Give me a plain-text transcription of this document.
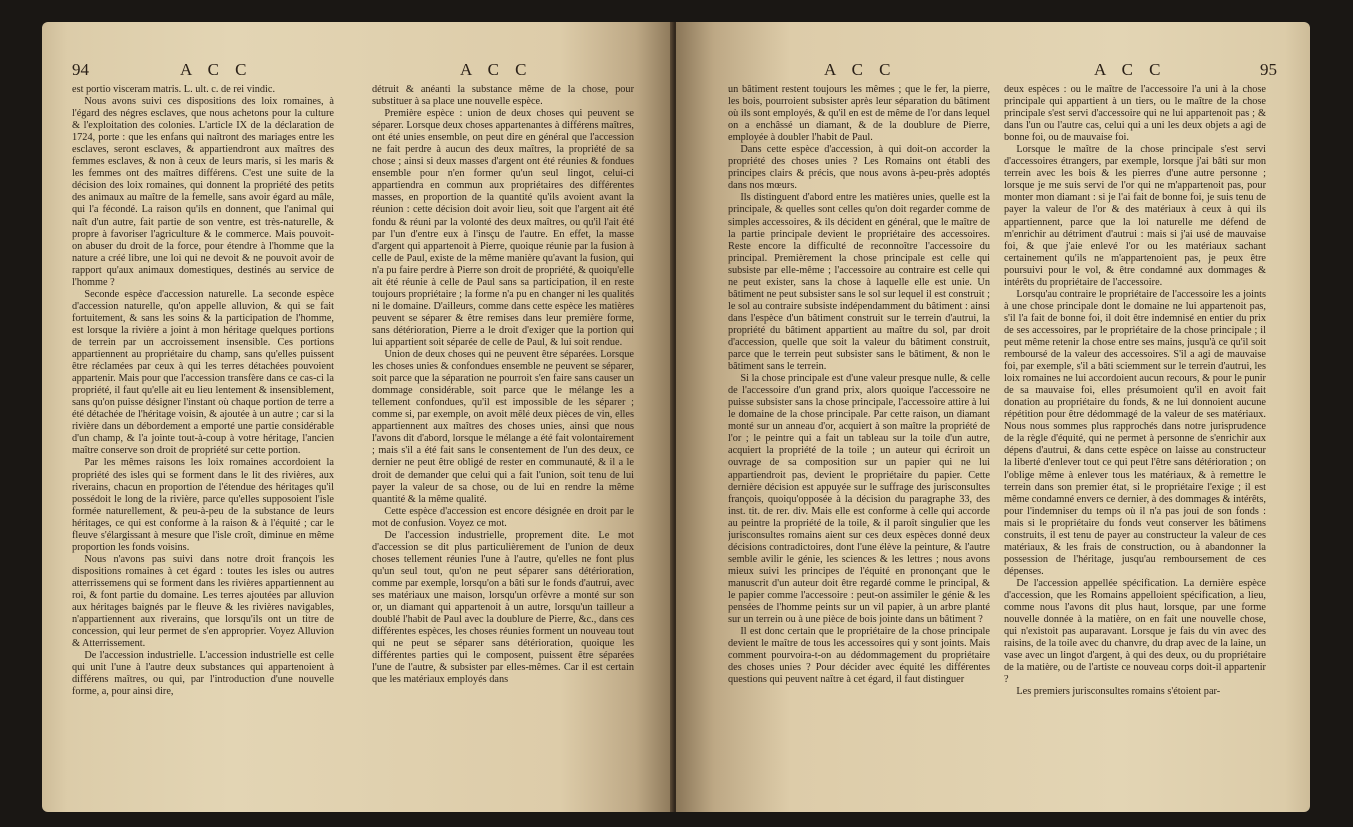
94	A C C	A C C

est portio visceram matris. L. ult. c. de rei vindic.

Nous avons suivi ces dispositions des loix romaines, à l'égard des négres esclaves, que nous achetons pour la culture & l'exploitation des colonies. L'article IX de la déclaration de 1724, porte : que les enfans qui naîtront des mariages entre les esclaves, seront esclaves, & appartiendront aux maîtres des femmes esclaves, & non à ceux de leurs maris, si les maris & les femmes ont des maîtres différens. C'est une suite de la décision des loix romaines, qui donnent la propriété des petits des animaux au maître de la femelle, sans avoir égard au mâle, qui l'a fécondé. La raison qu'ils en donnent, que l'animal qui naît d'un autre, fait partie de son ventre, est très-naturelle, & propre à favoriser l'agriculture & le commerce. Mais pouvoit-on abuser du droit de la force, pour étendre à l'homme que la nature a créé libre, une loi qui ne devoit & ne pouvoit avoir de rapport qu'aux animaux domestiques, destinés au service de l'homme ?

Seconde espèce d'accession naturelle. La seconde espèce d'accession naturelle, qu'on appelle alluvion, & qui se fait fortuitement, & sans les soins & la participation de l'homme, est lorsque la rivière a joint à mon héritage quelques portions de terrein par un accroissement insensible. Ces portions appartiennent au propriétaire du champ, sans qu'elles puissent être réclamées par ceux à qui les terres détachées pouvoient appartenir. Mais pour que l'accession transfère dans ce cas-ci la propriété, il faut qu'elle ait eu lieu lentement & insensiblement, sans qu'on puisse désigner l'instant où chaque portion de terre a été détachée de l'héritage voisin, & ajoutée à un autre ; car si la rivière dans un débordement a emporté une partie considérable d'un champ, & l'a jointe tout-à-coup à votre héritage, l'ancien maître conserve son droit de propriété sur cette portion.

Par les mêmes raisons les loix romaines accordoient la propriété des isles qui se forment dans le lit des rivières, aux riverains, chacun en proportion de l'étendue des héritages qu'il possédoit le long de la rivière, parce qu'elles supposoient l'isle formée naturellement, & peu-à-peu de la substance de leurs héritages, ce qui est conforme à la raison & à l'équité ; car le fleuve s'élargissant à mesure que l'isle croît, diminue en même proportion les fonds voisins.

Nous n'avons pas suivi dans notre droit françois les dispositions romaines à cet égard : toutes les isles ou autres atterrissemens qui se forment dans les rivières appartiennent au roi, & font partie du domaine. Les terres ajoutées par alluvion aux héritages baignés par le fleuve & les rivières navigables, n'appartiennent aux riverains, que lorsqu'ils ont un titre de concession, qui leur permet de s'en approprier. Voyez Alluvion & Atterrissement.

De l'accession industrielle. L'accession industrielle est celle qui unit l'une à l'autre deux substances qui appartenoient à différens maîtres, ou qui, par l'introduction d'une nouvelle forme, a, pour ainsi dire,

détruit & anéanti la substance même de la chose, pour substituer à sa place une nouvelle espèce.

Première espèce : union de deux choses qui peuvent se séparer. Lorsque deux choses appartenantes à différens maîtres, ont été unies ensemble, on peut dire en général que l'accession ne fait perdre à aucun des deux maîtres, la propriété de sa chose ; ainsi si deux masses d'argent ont été réunies & fondues ensemble pour n'en former qu'un seul lingot, celui-ci appartiendra en commun aux propriétaires des différentes masses, en proportion de la quantité qu'ils avoient avant la réunion : cette décision doit avoir lieu, soit que l'argent ait été fondu & réuni par la volonté des deux maîtres, ou qu'il l'ait été par l'un d'entre eux à l'insçu de l'autre. En effet, la masse d'argent qui appartenoit à Pierre, quoique réunie par la fusion à celle de Paul, existe de la même manière qu'avant la fusion, qui n'a pu faire perdre à Pierre son droit de propriété, & quoiqu'elle ait été réunie à celle de Paul sans sa participation, il en reste toujours propriétaire ; la forme n'a pu en changer ni les qualités ni le domaine. D'ailleurs, comme dans cette espèce les matières peuvent se séparer & être remises dans leur première forme, sans détérioration, Pierre a le droit d'exiger que la portion qui lui appartient soit séparée de celle de Paul, & lui soit rendue.

Union de deux choses qui ne peuvent être séparées. Lorsque les choses unies & confondues ensemble ne peuvent se séparer, soit parce que la séparation ne pourroit s'en faire sans causer un dommage considérable, soit parce que le mélange les a tellement confondues, qu'il est impossible de les séparer ; comme si, par exemple, on avoit mêlé deux pièces de vin, elles appartiennent aux maîtres des choses unies, ainsi que nous l'avons dit d'abord, lorsque le mélange a été fait volontairement ; mais s'il a été fait sans le consentement de l'un des deux, ce dernier ne peut être obligé de rester en communauté, & il a le droit de demander que celui qui a fait l'union, soit tenu de lui payer la valeur de sa chose, ou de lui en rendre la même quantité & la même qualité.

Cette espèce d'accession est encore désignée en droit par le mot de confusion. Voyez ce mot.

De l'accession industrielle, proprement dite. Le mot d'accession se dit plus particulièrement de l'union de deux choses tellement réunies l'une à l'autre, qu'elles ne font plus qu'un seul tout, qu'on ne peut séparer sans détérioration, comme par exemple, lorsqu'on a bâti sur le fonds d'autrui, avec ses matériaux une maison, lorsqu'un orfèvre a monté sur son or, un diamant qui appartenoit à un autre, lorsqu'un tailleur a doublé l'habit de Paul avec la doublure de Pierre, &c., dans ces différentes espèces, les choses réunies forment un nouveau tout qui ne peut se séparer sans détérioration, quoique les différentes parties qui le composent, puissent être séparées l'une de l'autre, & subsister par elles-mêmes. Car il est certain que les matériaux employés dans

A C C	A C C	95

un bâtiment restent toujours les mêmes ; que le fer, la pierre, les bois, pourroient subsister après leur séparation du bâtiment où ils sont employés, & qu'il en est de même de l'or dans lequel on a enchâssé un diamant, & de la doublure de Pierre, employée à doubler l'habit de Paul.

Dans cette espèce d'accession, à qui doit-on accorder la propriété des choses unies ? Les Romains ont établi des principes clairs & précis, que nous avons à-peu-près adoptés dans nos mœurs.

Ils distinguent d'abord entre les matières unies, quelle est la principale, & quelles sont celles qu'on doit regarder comme de simples accessoires, & ils décident en général, que le maître de la partie principale devient le propriétaire des accessoires. Reste encore la difficulté de reconnoître l'accessoire du principal. Premièrement la chose principale est celle qui subsiste par elle-même ; l'accessoire au contraire est celle qui ne peut exister, sans la chose à laquelle elle est unie. Un bâtiment ne peut subsister sans le sol sur lequel il est construit ; le sol au contraire subsiste indépendamment du bâtiment : ainsi dans l'espèce d'un bâtiment construit sur le terrein d'autrui, la propriété du bâtiment appartient au maître du sol, par droit d'accession, quelle que soit la valeur du bâtiment construit, parce que le terrein peut subsister sans le bâtiment, & non le bâtiment sans le terrein.

Si la chose principale est d'une valeur presque nulle, & celle de l'accessoire d'un grand prix, alors quoique l'accessoire ne puisse subsister sans la chose principale, l'accessoire attire à lui le domaine de la chose principale. Par cette raison, un diamant monté sur un anneau d'or, acquiert à son maître la propriété de l'or ; le peintre qui a fait un tableau sur la toile d'un autre, acquiert la propriété de la toile ; un auteur qui écriroit un ouvrage de sa composition sur un papier qui ne lui appartiendroit pas, devient le propriétaire du papier. Cette dernière décision est appuyée sur le suffrage des jurisconsultes françois, quoiqu'opposée à la décision du paragraphe 33, des inst. tit. de rer. div. Mais elle est conforme à celle qui accorde au peintre la propriété de la toile, & il paroît singulier que les jurisconsultes romains aient sur ces deux espèces donné deux décisions contradictoires, dont l'une élève la peinture, & l'autre semble avilir le génie, les sciences & les lettres ; nous avons mieux suivi les principes de l'équité en prononçant que le manuscrit d'un auteur doit être regardé comme le principal, & le papier comme l'accessoire : peut-on assimiler le génie & les pensées de l'homme peints sur un vil papier, à un arbre planté sur un terrein ou à une pièce de bois jointe dans un bâtiment ?

Il est donc certain que le propriétaire de la chose principale devient le maître de tous les accessoires qui y sont joints. Mais comment pourvoira-t-on au dédommagement du propriétaire des choses unies ? Pour décider avec équité les différentes questions qui peuvent naître à cet égard, il faut distinguer

deux espèces : ou le maître de l'accessoire l'a uni à la chose principale qui appartient à un tiers, ou le maître de la chose principale s'est servi d'accessoire qui ne lui appartenoit pas ; & dans l'un ou l'autre cas, celui qui a uni les deux objets a agi de bonne foi, ou de mauvaise foi.

Lorsque le maître de la chose principale s'est servi d'accessoires étrangers, par exemple, lorsque j'ai bâti sur mon terrein avec les bois & les pierres d'une autre personne ; lorsque je me suis servi de l'or qui ne m'appartenoit pas, pour monter mon diamant : si je l'ai fait de bonne foi, je suis tenu de payer la valeur de l'or & des matériaux à ceux à qui ils appartiennent, parce que la loi naturelle me défend de m'enrichir au détriment d'autrui : mais si j'ai usé de mauvaise foi, & que j'aie enlevé l'or ou les matériaux sachant certainement qu'ils ne m'appartenoient pas, je peux être poursuivi pour le vol, & être condamné aux dommages & intérêts du propriétaire de l'accessoire.

Lorsqu'au contraire le propriétaire de l'accessoire les a joints à une chose principale dont le domaine ne lui appartenoit pas, s'il l'a fait de bonne foi, il doit être indemnisé en entier du prix de ses accessoires, par le propriétaire de la chose principale ; il peut même retenir la chose entre ses mains, jusqu'à ce qu'il soit remboursé de la valeur des accessoires. S'il a agi de mauvaise foi, par exemple, s'il a bâti sciemment sur le terrein d'autrui, les loix romaines ne lui accordoient aucun recours, & pour le punir de sa mauvaise foi, elles présumoient qu'il en avoit fait donation au propriétaire du fonds, & ne lui donnoient aucune répétition pour être dédommagé de la valeur de ses matériaux. Nous nous sommes plus rapprochés dans notre jurisprudence de la règle d'équité, qui ne permet à personne de s'enrichir aux dépens d'autrui, & dans cette espèce on laisse au constructeur la liberté d'enlever tout ce qui peut l'être sans détérioration ; on l'oblige même à enlever tous les matériaux, & à remettre le terrein dans son premier état, si le propriétaire l'exige ; il est même condamné envers ce dernier, à des dommages & intérêts, pour l'indemniser du temps où il n'a pas joui de son fonds : mais si le propriétaire du fonds veut conserver les bâtimens construits, il est tenu de payer au constructeur la valeur de ces matériaux, & les frais de construction, ou à abandonner la possession de l'héritage, jusqu'au remboursement de ces dépenses.

De l'accession appellée spécification. La dernière espèce d'accession, que les Romains appelloient spécification, a lieu, comme nous l'avons dit plus haut, lorsque, par une forme nouvelle donnée à la matière, on en fait une nouvelle chose, qui n'existoit pas auparavant. Lorsque je fais du vin avec des raisins, de la toile avec du chanvre, du drap avec de la laine, un vase avec un lingot d'argent, à qui des deux, ou du propriétaire de la matière, ou de l'artiste ce nouveau corps doit-il appartenir ?

Les premiers jurisconsultes romains s'étoient par-
